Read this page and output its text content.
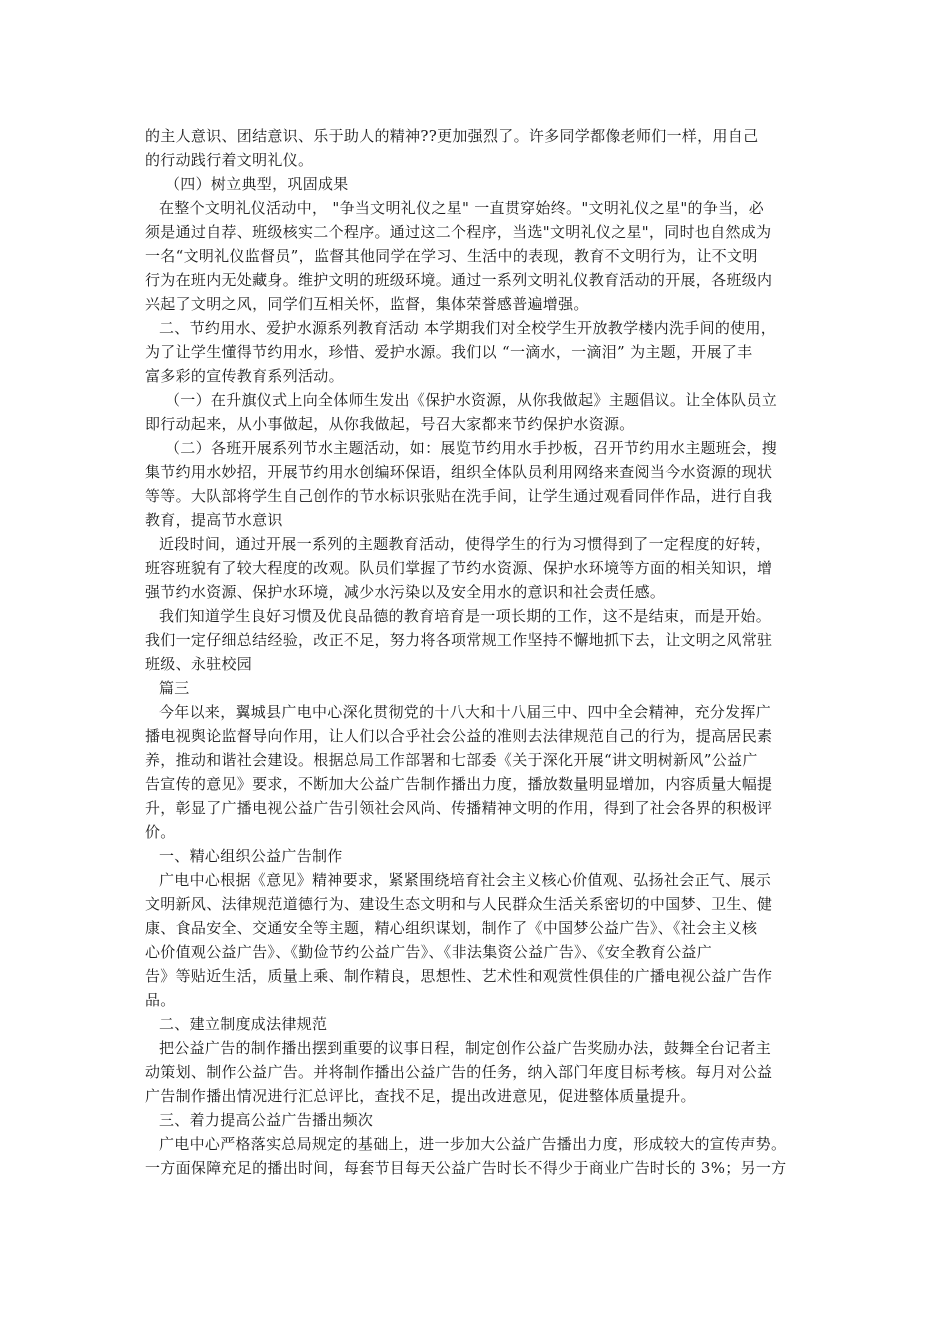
的主人意识、团结意识、乐于助人的精神??更加强烈了。许多同学都像老师们一样，用自己
的行动践行着文明礼仪。
（四）树立典型，巩固成果
在整个文明礼仪活动中， "争当文明礼仪之星" 一直贯穿始终。"文明礼仪之星"的争当，必
须是通过自荐、班级核实二个程序。通过这二个程序，当选"文明礼仪之星"，同时也自然成为
一名“文明礼仪监督员”，监督其他同学在学习、生活中的表现，教育不文明行为，让不文明
行为在班内无处藏身。维护文明的班级环境。通过一系列文明礼仪教育活动的开展，各班级内
兴起了文明之风，同学们互相关怀，监督，集体荣誉感普遍增强。
二、节约用水、爱护水源系列教育活动 本学期我们对全校学生开放教学楼内洗手间的使用，
为了让学生懂得节约用水，珍惜、爱护水源。我们以 “一滴水，一滴泪” 为主题，开展了丰
富多彩的宣传教育系列活动。
（一）在升旗仪式上向全体师生发出《保护水资源，从你我做起》主题倡议。让全体队员立
即行动起来，从小事做起，从你我做起，号召大家都来节约保护水资源。
（二）各班开展系列节水主题活动，如：展览节约用水手抄板，召开节约用水主题班会，搜
集节约用水妙招，开展节约用水创编环保语，组织全体队员利用网络来查阅当今水资源的现状
等等。大队部将学生自己创作的节水标识张贴在洗手间，让学生通过观看同伴作品，进行自我
教育，提高节水意识
近段时间，通过开展一系列的主题教育活动，使得学生的行为习惯得到了一定程度的好转，
班容班貌有了较大程度的改观。队员们掌握了节约水资源、保护水环境等方面的相关知识，增
强节约水资源、保护水环境，减少水污染以及安全用水的意识和社会责任感。
我们知道学生良好习惯及优良品德的教育培育是一项长期的工作，这不是结束，而是开始。
我们一定仔细总结经验，改正不足，努力将各项常规工作坚持不懈地抓下去，让文明之风常驻
班级、永驻校园
篇三
今年以来，翼城县广电中心深化贯彻党的十八大和十八届三中、四中全会精神，充分发挥广
播电视舆论监督导向作用，让人们以合乎社会公益的准则去法律规范自己的行为，提高居民素
养，推动和谐社会建设。根据总局工作部署和七部委《关于深化开展“讲文明树新风”公益广
告宣传的意见》要求，不断加大公益广告制作播出力度，播放数量明显增加，内容质量大幅提
升，彰显了广播电视公益广告引领社会风尚、传播精神文明的作用，得到了社会各界的积极评
价。
一、精心组织公益广告制作
广电中心根据《意见》精神要求，紧紧围绕培育社会主义核心价值观、弘扬社会正气、展示
文明新风、法律规范道德行为、建设生态文明和与人民群众生活关系密切的中国梦、卫生、健
康、食品安全、交通安全等主题，精心组织谋划，制作了《中国梦公益广告》、《社会主义核
心价值观公益广告》、《勤俭节约公益广告》、《非法集资公益广告》、《安全教育公益广
告》等贴近生活，质量上乘、制作精良，思想性、艺术性和观赏性俱佳的广播电视公益广告作
品。
二、建立制度成法律规范
把公益广告的制作播出摆到重要的议事日程，制定创作公益广告奖励办法，鼓舞全台记者主
动策划、制作公益广告。并将制作播出公益广告的任务，纳入部门年度目标考核。每月对公益
广告制作播出情况进行汇总评比，查找不足，提出改进意见，促进整体质量提升。
三、着力提高公益广告播出频次
广电中心严格落实总局规定的基础上，进一步加大公益广告播出力度，形成较大的宣传声势。
一方面保障充足的播出时间，每套节目每天公益广告时长不得少于商业广告时长的 3%；另一方
